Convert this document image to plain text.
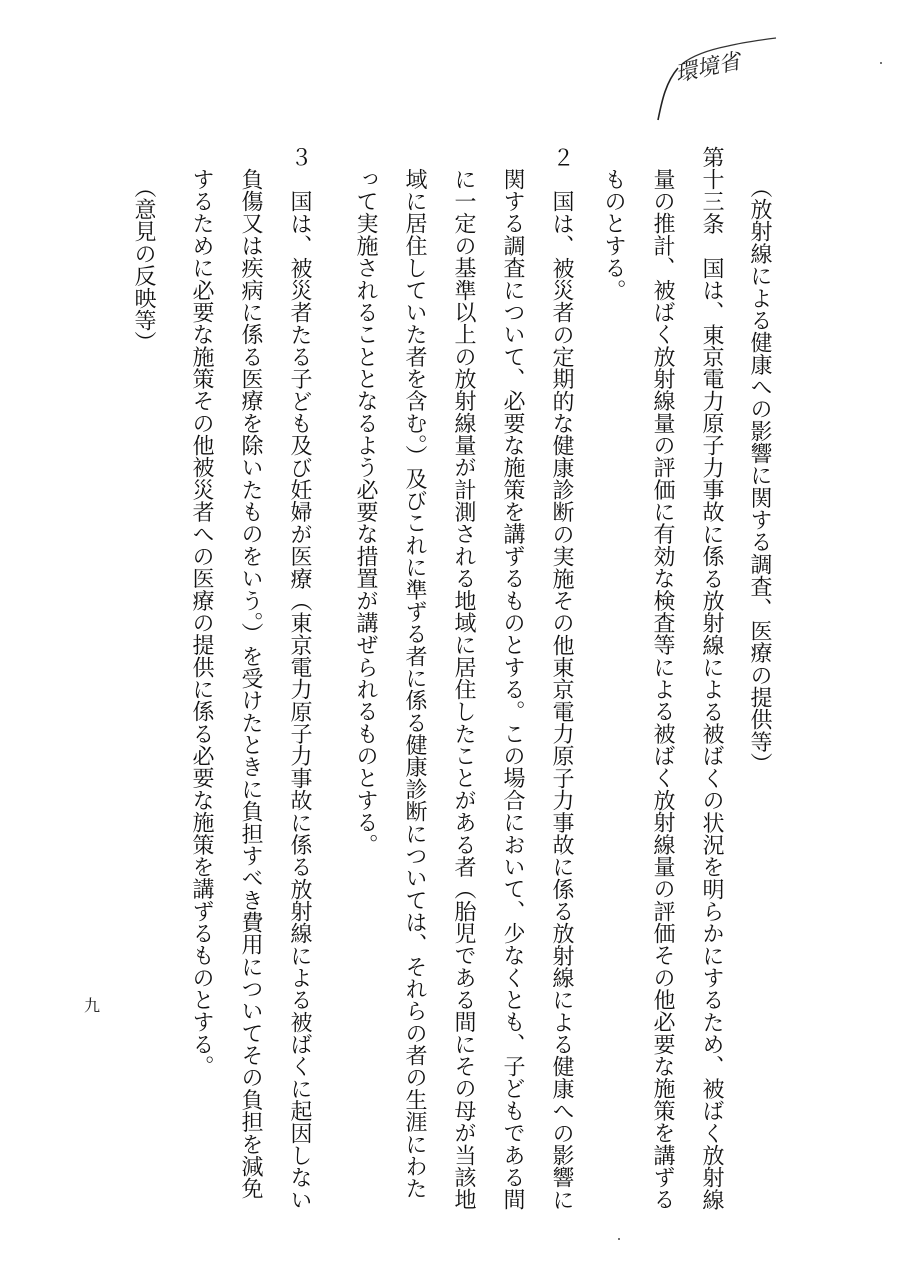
環境省
（放射線による健康への影響に関する調査、医療の提供等）
第十三条　国は、東京電力原子力事故に係る放射線による被ばくの状況を明らかにするため、被ばく放射線
量の推計、被ばく放射線量の評価に有効な検査等による被ばく放射線量の評価その他必要な施策を講ずる
ものとする。
２　国は、被災者の定期的な健康診断の実施その他東京電力原子力事故に係る放射線による健康への影響に
関する調査について、必要な施策を講ずるものとする。この場合において、少なくとも、子どもである間
に一定の基準以上の放射線量が計測される地域に居住したことがある者（胎児である間にその母が当該地
域に居住していた者を含む。）及びこれに準ずる者に係る健康診断については、それらの者の生涯にわた
って実施されることとなるよう必要な措置が講ぜられるものとする。
３　国は、被災者たる子ども及び妊婦が医療（東京電力原子力事故に係る放射線による被ばくに起因しない
負傷又は疾病に係る医療を除いたものをいう。）を受けたときに負担すべき費用についてその負担を減免
するために必要な施策その他被災者への医療の提供に係る必要な施策を講ずるものとする。
（意見の反映等）
九
